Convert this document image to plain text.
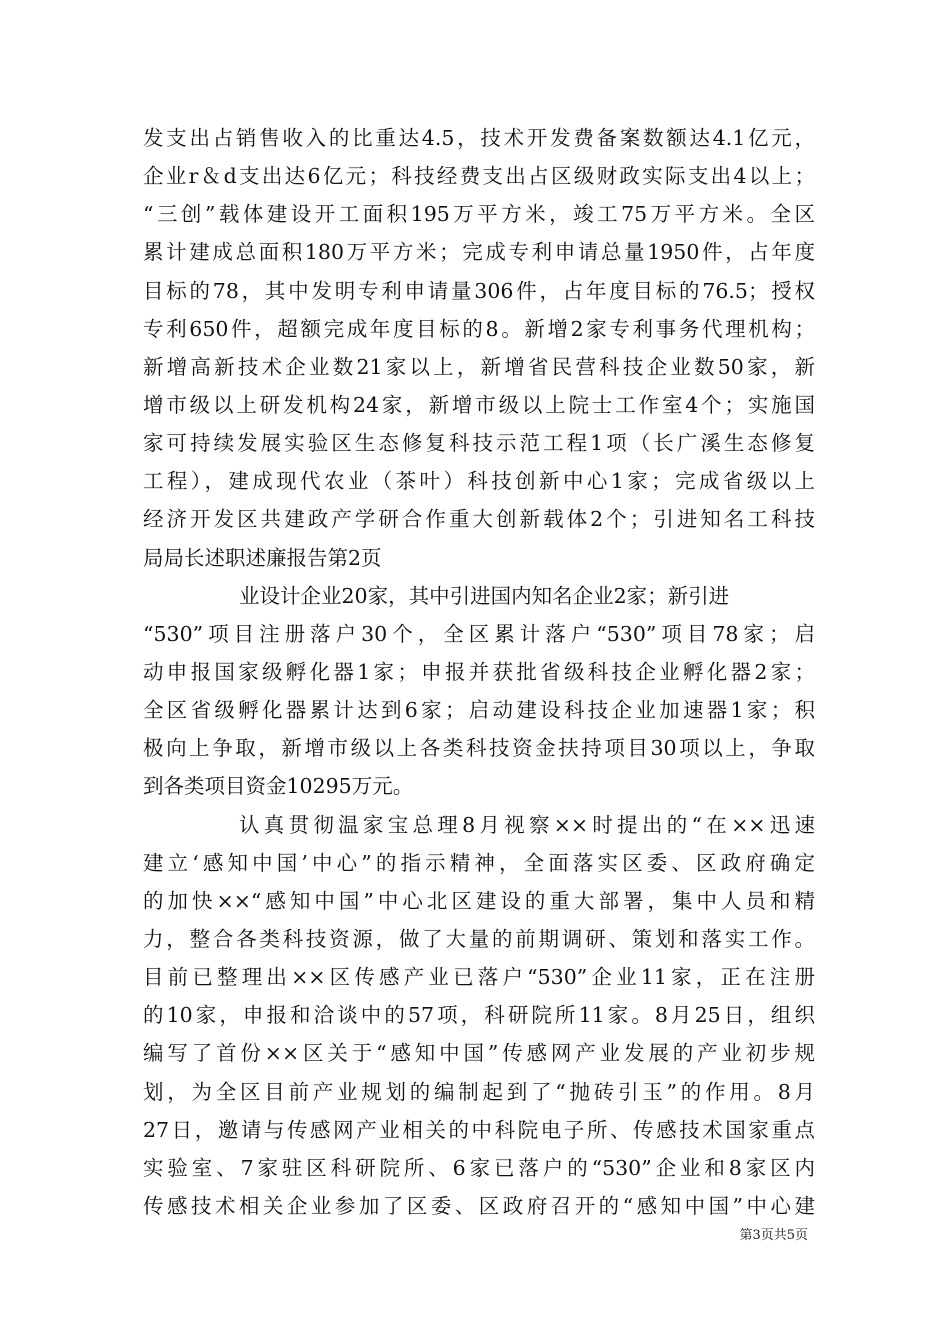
发支出占销售收入的比重达4.5，技术开发费备案数额达4.1亿元，
企业r＆d支出达6亿元；科技经费支出占区级财政实际支出4以上；
“三创”载体建设开工面积195万平方米，竣工75万平方米。全区
累计建成总面积180万平方米；完成专利申请总量1950件，占年度
目标的78，其中发明专利申请量306件，占年度目标的76.5；授权
专利650件，超额完成年度目标的8。新增2家专利事务代理机构；
新增高新技术企业数21家以上，新增省民营科技企业数50家，新
增市级以上研发机构24家，新增市级以上院士工作室4个；实施国
家可持续发展实验区生态修复科技示范工程1项（长广溪生态修复
工程），建成现代农业（茶叶）科技创新中心1家；完成省级以上
经济开发区共建政产学研合作重大创新载体2个；引进知名工科技
局局长述职述廉报告第2页
业设计企业20家，其中引进国内知名企业2家；新引进
“530”项目注册落户30个，全区累计落户“530”项目78家；启
动申报国家级孵化器1家；申报并获批省级科技企业孵化器2家；
全区省级孵化器累计达到6家；启动建设科技企业加速器1家；积
极向上争取，新增市级以上各类科技资金扶持项目30项以上，争取
到各类项目资金10295万元。
认真贯彻温家宝总理8月视察××时提出的“在××迅速
建立‘感知中国’中心”的指示精神，全面落实区委、区政府确定
的加快××“感知中国”中心北区建设的重大部署，集中人员和精
力，整合各类科技资源，做了大量的前期调研、策划和落实工作。
目前已整理出××区传感产业已落户“530”企业11家，正在注册
的10家，申报和洽谈中的57项，科研院所11家。8月25日，组织
编写了首份××区关于“感知中国”传感网产业发展的产业初步规
划，为全区目前产业规划的编制起到了“抛砖引玉”的作用。8月
27日，邀请与传感网产业相关的中科院电子所、传感技术国家重点
实验室、7家驻区科研院所、6家已落户的“530”企业和8家区内
传感技术相关企业参加了区委、区政府召开的“感知中国”中心建
第3页共5页
